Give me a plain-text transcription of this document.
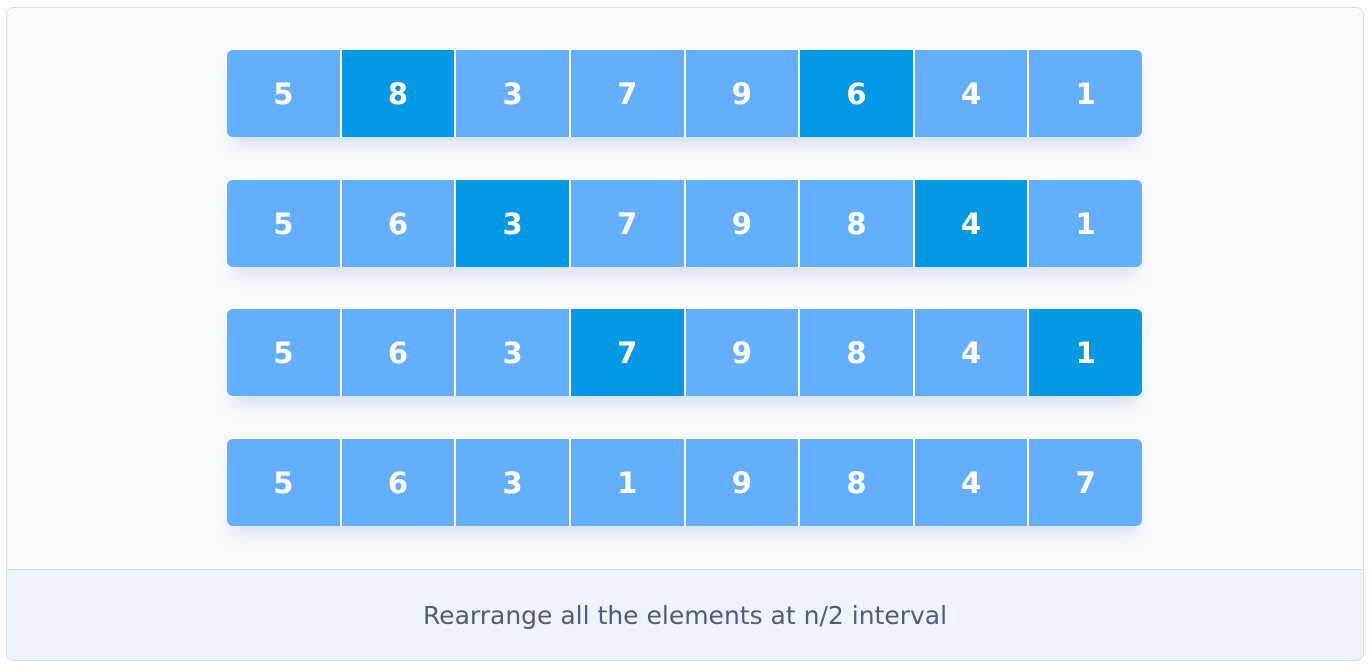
5	8	3	7	9	6	4	1
5	6	3	7	9	8	4	1
5	6	3	7	9	8	4	1
5	6	3	1	9	8	4	7
Rearrange all the elements at n/2 interval
